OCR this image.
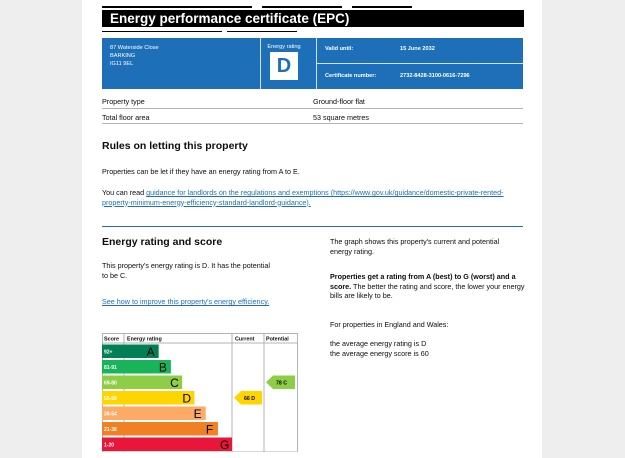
Energy performance certificate (EPC)
87 Waterside Close
BARKING
IG11 9EL
Energy rating
D
Valid until:	15 June 2032
Certificate number:	2732-8428-3100-0616-7296
Property type	Ground-floor flat
Total floor area	53 square metres
Rules on letting this property
Properties can be let if they have an energy rating from A to E.
You can read guidance for landlords on the regulations and exemptions (https://www.gov.uk/guidance/domestic-private-rented-property-minimum-energy-efficiency-standard-landlord-guidance).
Energy rating and score
This property's energy rating is D. It has the potential to be C.
See how to improve this property's energy efficiency.
The graph shows this property's current and potential energy rating.
Properties get a rating from A (best) to G (worst) and a score. The better the rating and score, the lower your energy bills are likely to be.
For properties in England and Wales:
the average energy rating is D
the average energy score is 60
Score Energy rating	Current Potential
92+	A
81-91	B
69-80	C
55-68	D
39-54	E
21-38	F
1-20	G
66 D
78 C
